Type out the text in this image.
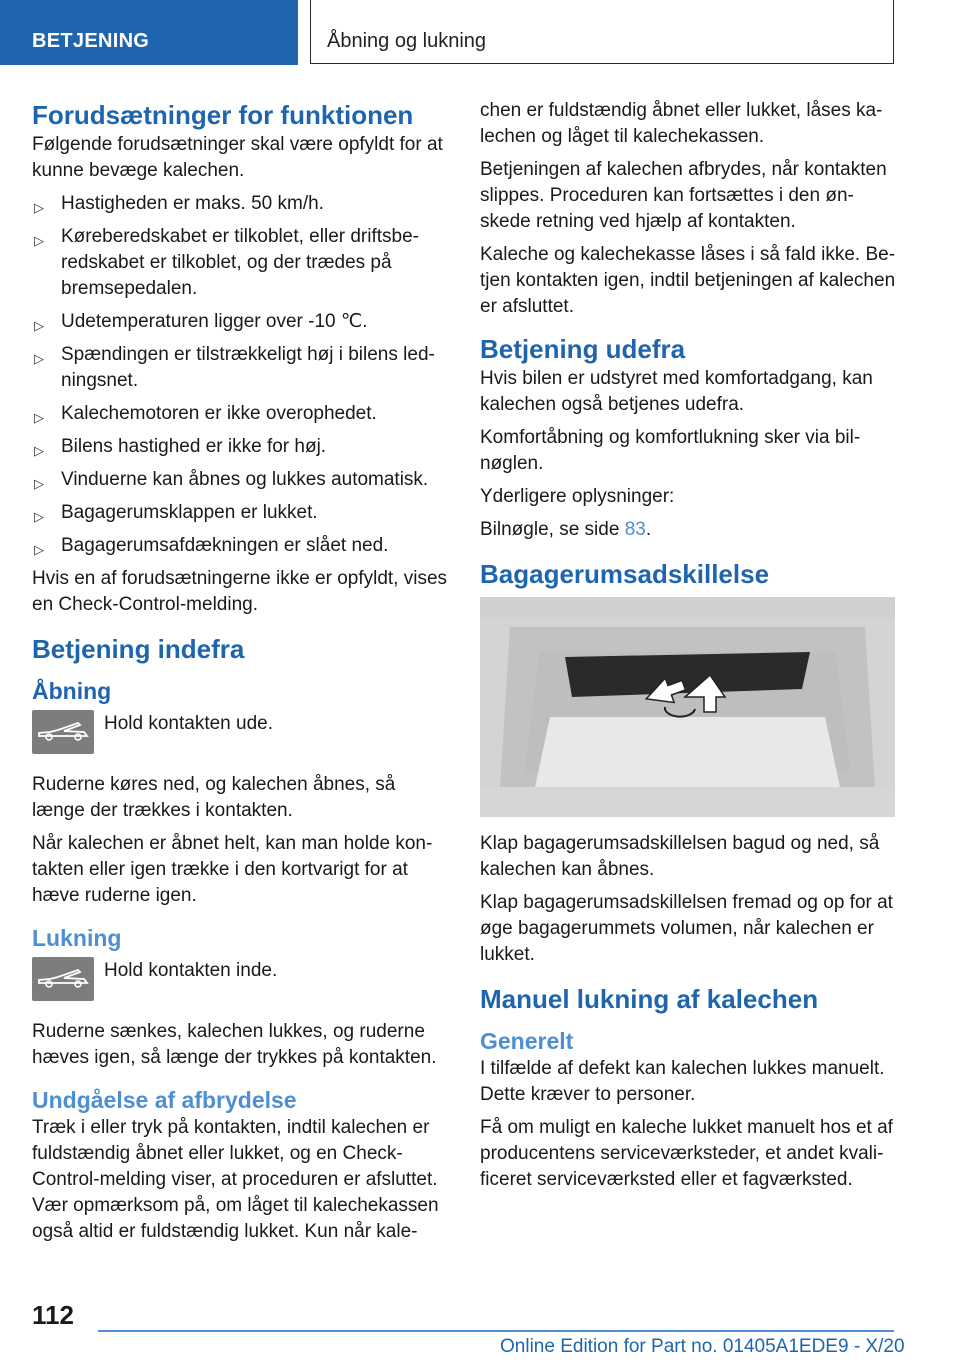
BETJENING	Åbning og lukning
Forudsætninger for funktionen

Følgende forudsætninger skal være opfyldt for at kunne bevæge kalechen.

▷ Hastigheden er maks. 50 km/h.
▷ Køreberedskabet er tilkoblet, eller driftsberedskabet er tilkoblet, og der trædes på bremsepedalen.
▷ Udetemperaturen ligger over -10 ℃.
▷ Spændingen er tilstrækkeligt høj i bilens ledningsnet.
▷ Kalechemotoren er ikke overophedet.
▷ Bilens hastighed er ikke for høj.
▷ Vinduerne kan åbnes og lukkes automatisk.
▷ Bagagerumsklappen er lukket.
▷ Bagagerumsafdækningen er slået ned.

Hvis en af forudsætningerne ikke er opfyldt, vises en Check-Control-melding.

Betjening indefra
Åbning
Hold kontakten ude.

Ruderne køres ned, og kalechen åbnes, så længe der trækkes i kontakten.

Når kalechen er åbnet helt, kan man holde kontakten eller igen trække i den kortvarigt for at hæve ruderne igen.

Lukning
Hold kontakten inde.

Ruderne sænkes, kalechen lukkes, og ruderne hæves igen, så længe der trykkes på kontakten.

Undgåelse af afbrydelse

Træk i eller tryk på kontakten, indtil kalechen er fuldstændig åbnet eller lukket, og en Check-Control-melding viser, at proceduren er afsluttet. Vær opmærksom på, om låget til kalechekassen også altid er fuldstændig lukket. Kun når kale-

chen er fuldstændig åbnet eller lukket, låses kalechen og låget til kalechekassen.

Betjeningen af kalechen afbrydes, når kontakten slippes. Proceduren kan fortsættes i den ønskede retning ved hjælp af kontakten.

Kaleche og kalechekasse låses i så fald ikke. Betjen kontakten igen, indtil betjeningen af kalechen er afsluttet.

Betjening udefra

Hvis bilen er udstyret med komfortadgang, kan kalechen også betjenes udefra.

Komfortåbning og komfortlukning sker via bilnøglen.

Yderligere oplysninger:

Bilnøgle, se side 83.

Bagagerumsadskillelse

Klap bagagerumsadskillelsen bagud og ned, så kalechen kan åbnes.

Klap bagagerumsadskillelsen fremad og op for at øge bagagerummets volumen, når kalechen er lukket.

Manuel lukning af kalechen
Generelt

I tilfælde af defekt kan kalechen lukkes manuelt. Dette kræver to personer.

Få om muligt en kaleche lukket manuelt hos et af producentens serviceværksteder, et andet kvalificeret serviceværksted eller et fagværksted.

112
Online Edition for Part no. 01405A1EDE9 - X/20
